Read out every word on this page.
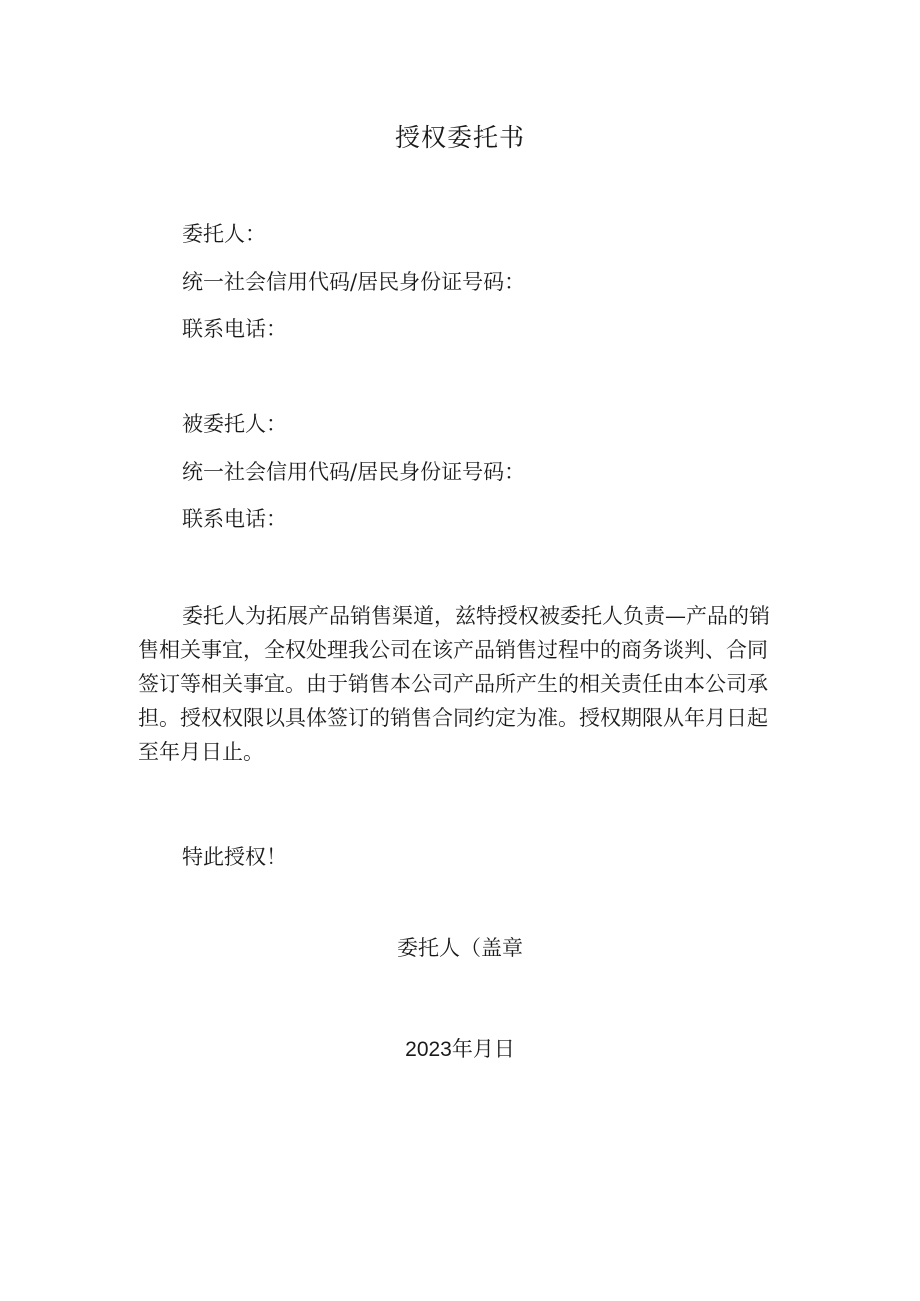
授权委托书
委托人：
统一社会信用代码/居民身份证号码：
联系电话：
被委托人：
统一社会信用代码/居民身份证号码：
联系电话：

委托人为拓展产品销售渠道，兹特授权被委托人负责—产品的销售相关事宜，全权处理我公司在该产品销售过程中的商务谈判、合同签订等相关事宜。由于销售本公司产品所产生的相关责任由本公司承担。授权权限以具体签订的销售合同约定为准。授权期限从年月日起至年月日止。

特此授权！
委托人（盖章
2023年月日
